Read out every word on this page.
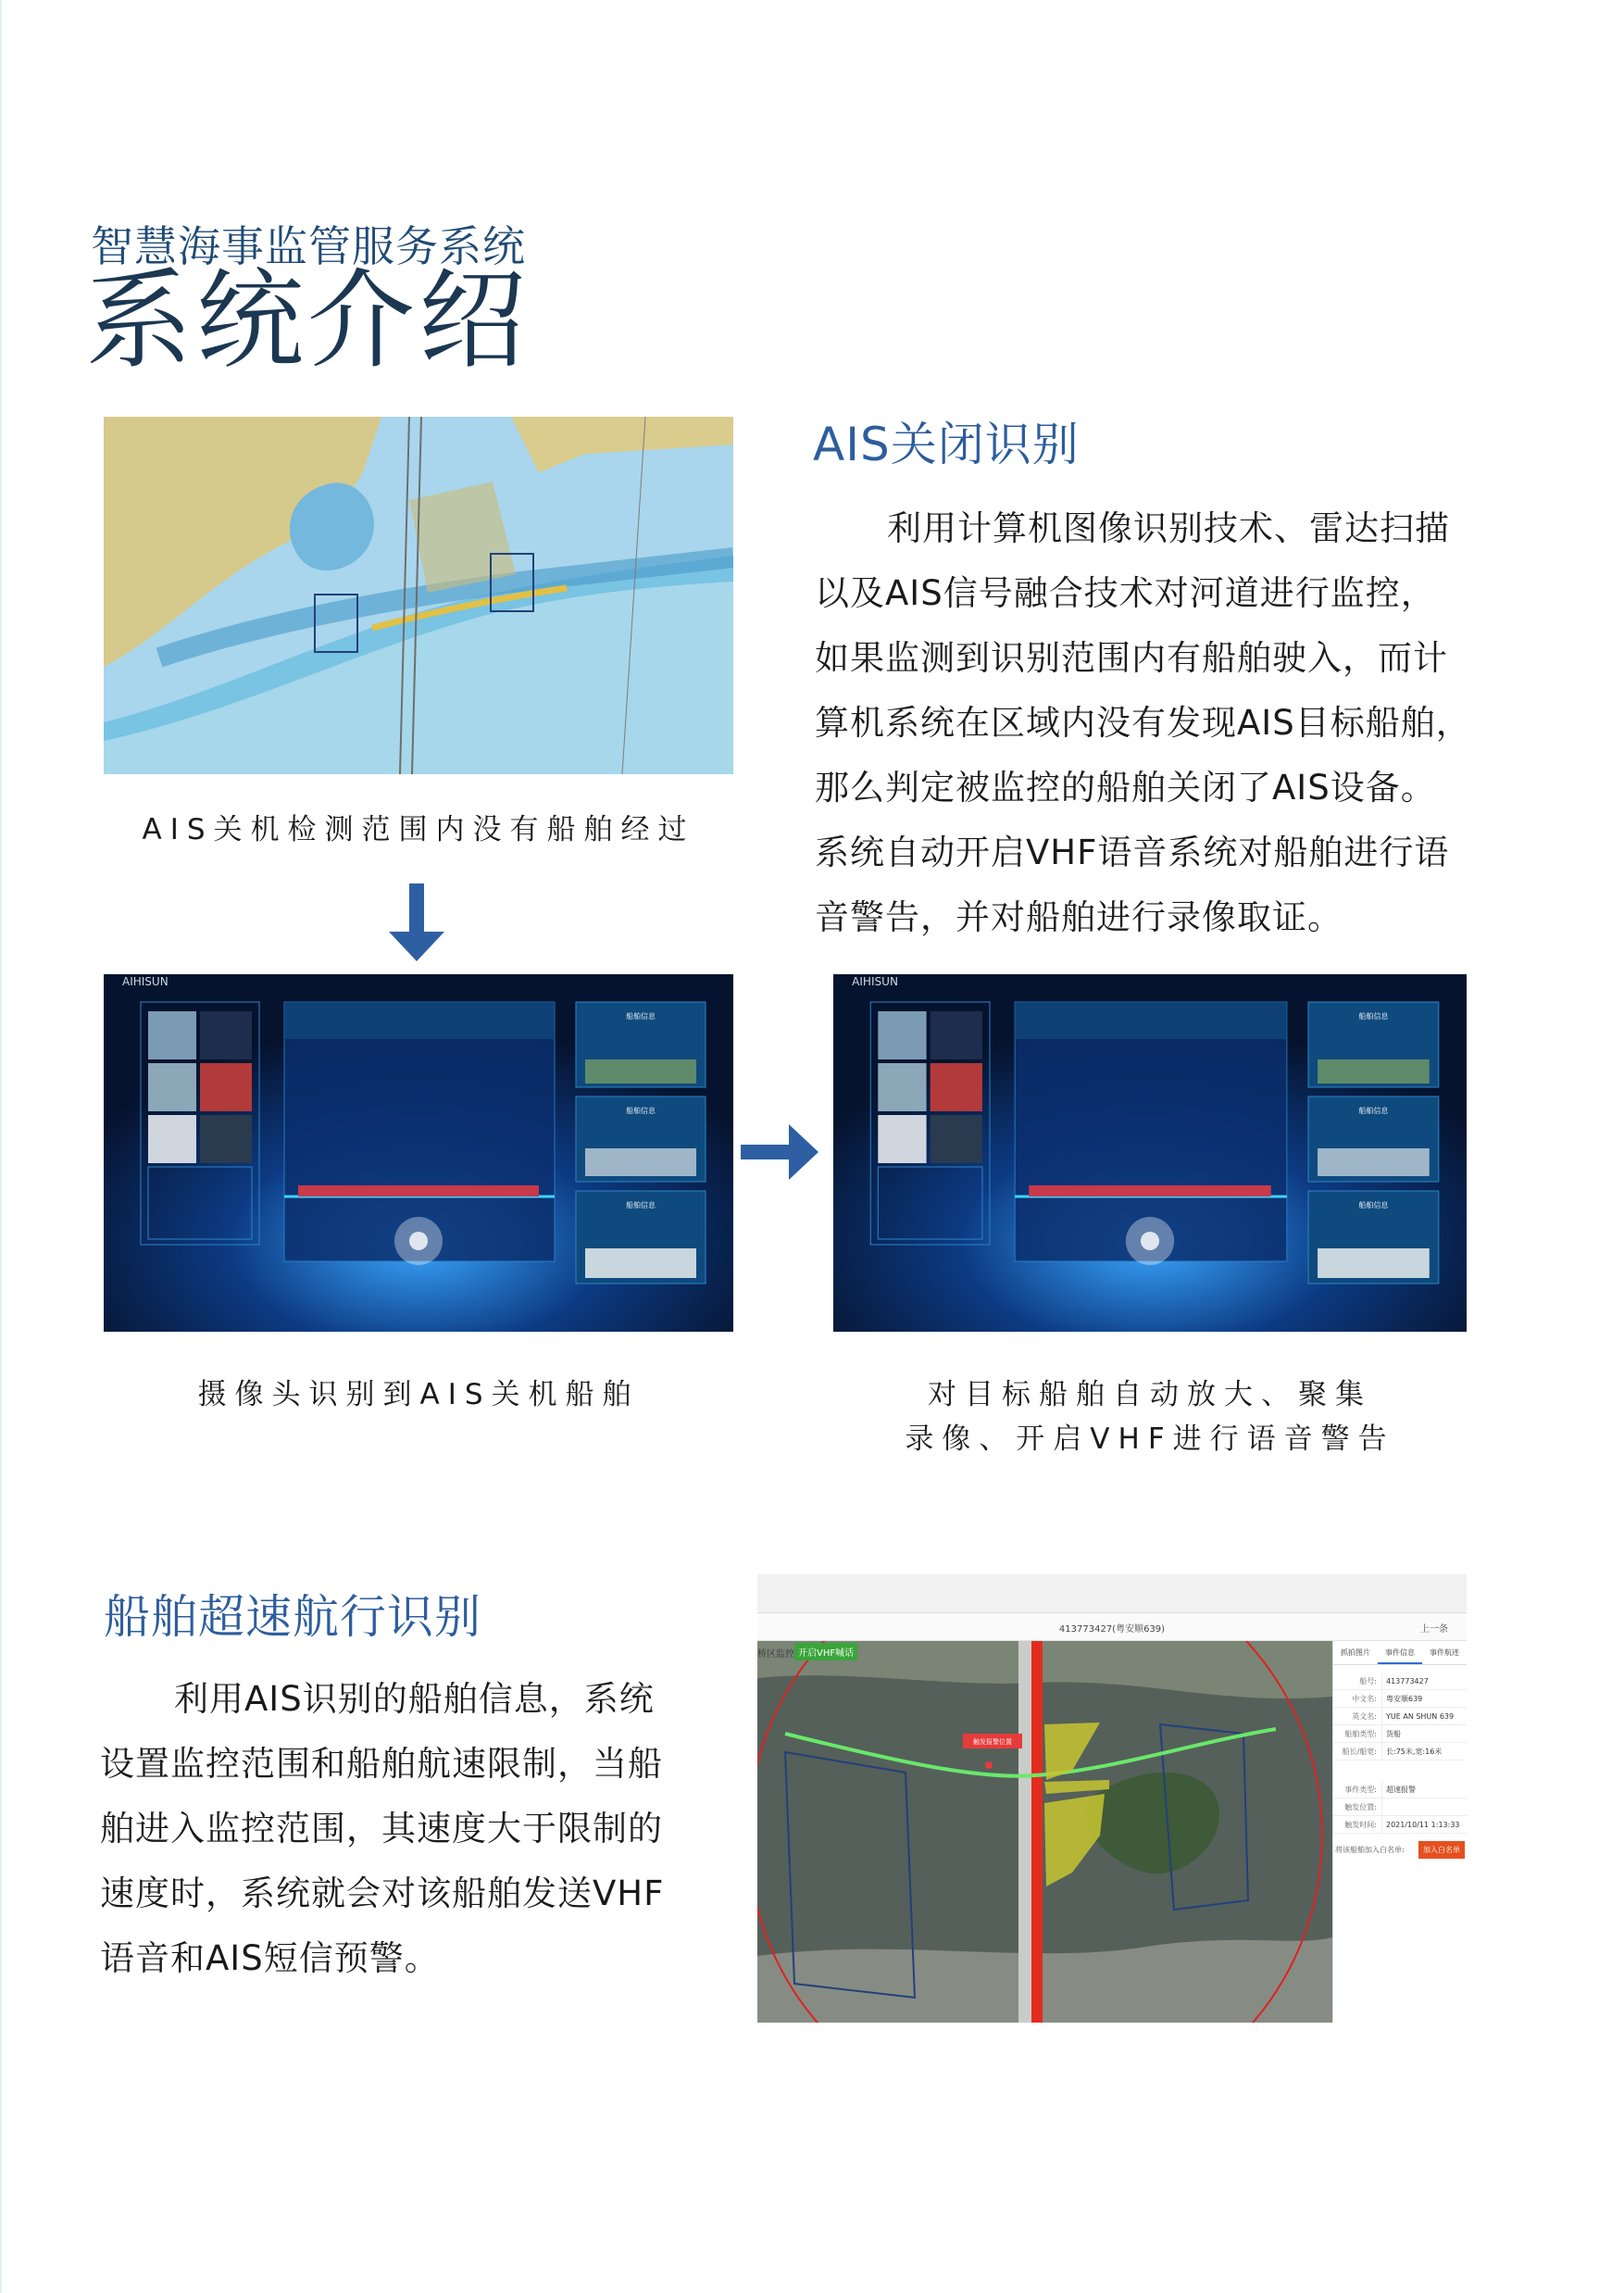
智慧海事监管服务系统
系统介绍
AIS关闭识别
利用计算机图像识别技术、雷达扫描
以及AIS信号融合技术对河道进行监控，
如果监测到识别范围内有船舶驶入，而计
算机系统在区域内没有发现AIS目标船舶，
那么判定被监控的船舶关闭了AIS设备。
系统自动开启VHF语音系统对船舶进行语
音警告，并对船舶进行录像取证。
AIS关机检测范围内没有船舶经过
AIHISUN
船舶信息
船舶信息
船舶信息
AIHISUN
船舶信息
船舶信息
船舶信息
摄像头识别到AIS关机船舶	对目标船舶自动放大、聚集
录像、开启VHF进行语音警告
船舶超速航行识别
利用AIS识别的船舶信息，系统
设置监控范围和船舶航速限制，当船
舶进入监控范围，其速度大于限制的
速度时，系统就会对该船舶发送VHF
语音和AIS短信预警。
413773427(粤安顺639)	上一条
触发报警位置
桥区监控 开启VHF喊话	抓拍图片	事件信息	事件航迹
船号:	413773427
中文名:	粤安顺639
英文名:	YUE AN SHUN 639
船舶类型:	货船
船长/船宽:	长:75米,宽:16米
事件类型:	超速报警
触发位置:
触发时间:	2021/10/11 1:13:33
将该船舶加入白名单:	加入白名单
